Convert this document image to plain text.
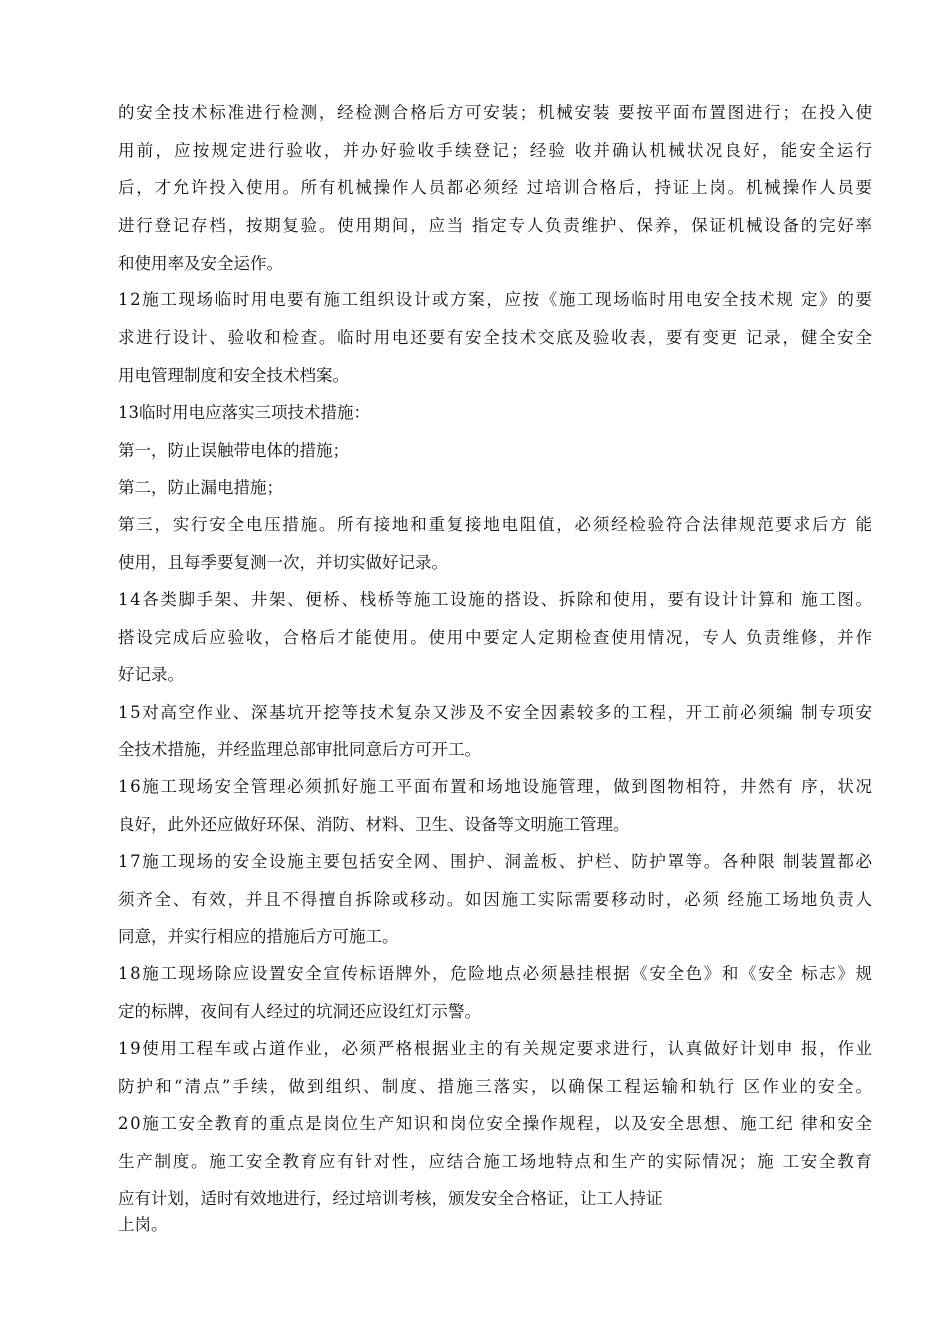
的安全技术标准进行检测，经检测合格后方可安装；机械安装 要按平面布置图进行；在投入使
用前，应按规定进行验收，并办好验收手续登记；经验 收并确认机械状况良好，能安全运行
后，才允许投入使用。所有机械操作人员都必须经 过培训合格后，持证上岗。机械操作人员要
进行登记存档，按期复验。使用期间，应当 指定专人负责维护、保养，保证机械设备的完好率
和使用率及安全运作。
12施工现场临时用电要有施工组织设计或方案，应按《施工现场临时用电安全技术规 定》的要
求进行设计、验收和检查。临时用电还要有安全技术交底及验收表，要有变更 记录，健全安全
用电管理制度和安全技术档案。
13临时用电应落实三项技术措施：
第一，防止误触带电体的措施；
第二，防止漏电措施；
第三，实行安全电压措施。所有接地和重复接地电阻值，必须经检验符合法律规范要求后方 能
使用，且每季要复测一次，并切实做好记录。
14各类脚手架、井架、便桥、栈桥等施工设施的搭设、拆除和使用，要有设计计算和 施工图。
搭设完成后应验收，合格后才能使用。使用中要定人定期检查使用情况，专人 负责维修，并作
好记录。
15对高空作业、深基坑开挖等技术复杂又涉及不安全因素较多的工程，开工前必须编 制专项安
全技术措施，并经监理总部审批同意后方可开工。
16施工现场安全管理必须抓好施工平面布置和场地设施管理，做到图物相符，井然有 序，状况
良好，此外还应做好环保、消防、材料、卫生、设备等文明施工管理。
17施工现场的安全设施主要包括安全网、围护、洞盖板、护栏、防护罩等。各种限 制装置都必
须齐全、有效，并且不得擅自拆除或移动。如因施工实际需要移动时，必须 经施工场地负责人
同意，并实行相应的措施后方可施工。
18施工现场除应设置安全宣传标语牌外，危险地点必须悬挂根据《安全色》和《安全 标志》规
定的标牌，夜间有人经过的坑洞还应设红灯示警。
19使用工程车或占道作业，必须严格根据业主的有关规定要求进行，认真做好计划申 报，作业
防护和“清点”手续，做到组织、制度、措施三落实，以确保工程运输和轨行 区作业的安全。
20施工安全教育的重点是岗位生产知识和岗位安全操作规程，以及安全思想、施工纪 律和安全
生产制度。施工安全教育应有针对性，应结合施工场地特点和生产的实际情况；施 工安全教育
应有计划，适时有效地进行，经过培训考核，颁发安全合格证，让工人持证
上岗。
